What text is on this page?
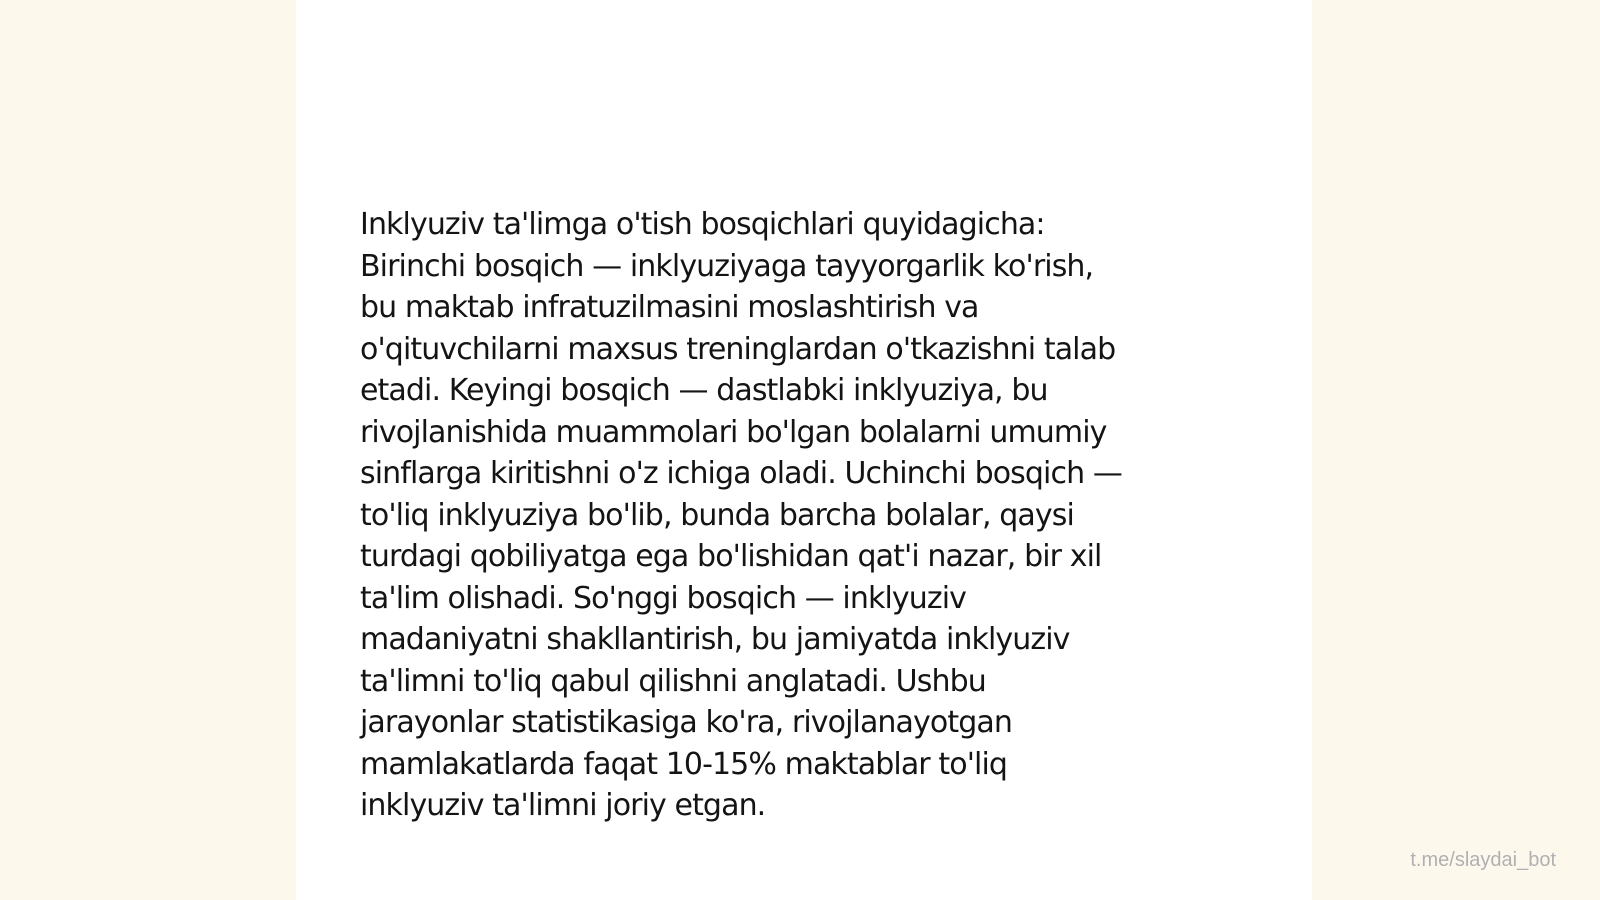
Inklyuziv ta'limga o'tish bosqichlari quyidagicha:
Birinchi bosqich — inklyuziyaga tayyorgarlik ko'rish,
bu maktab infratuzilmasini moslashtirish va
o'qituvchilarni maxsus treninglardan o'tkazishni talab
etadi. Keyingi bosqich — dastlabki inklyuziya, bu
rivojlanishida muammolari bo'lgan bolalarni umumiy
sinflarga kiritishni o'z ichiga oladi. Uchinchi bosqich —
to'liq inklyuziya bo'lib, bunda barcha bolalar, qaysi
turdagi qobiliyatga ega bo'lishidan qat'i nazar, bir xil
ta'lim olishadi. So'nggi bosqich — inklyuziv
madaniyatni shakllantirish, bu jamiyatda inklyuziv
ta'limni to'liq qabul qilishni anglatadi. Ushbu
jarayonlar statistikasiga ko'ra, rivojlanayotgan
mamlakatlarda faqat 10-15% maktablar to'liq
inklyuziv ta'limni joriy etgan.

t.me/slaydai_bot
